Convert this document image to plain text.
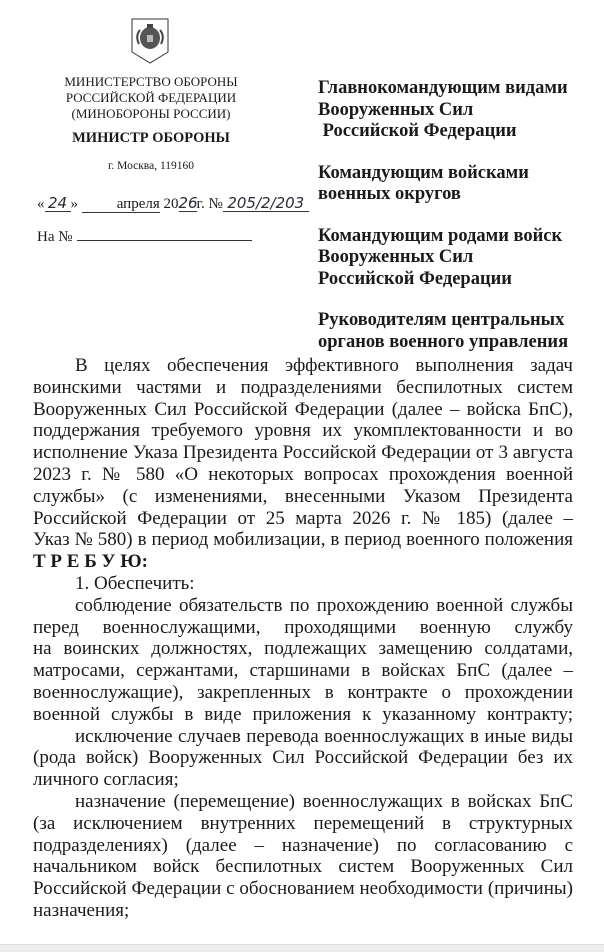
МИНИСТЕРСТВО ОБОРОНЫ
РОССИЙСКОЙ ФЕДЕРАЦИИ
(МИНОБОРОНЫ РОССИИ)
МИНИСТР ОБОРОНЫ
г. Москва, 119160
« 24 »	апреля 2026г. № 205/2/203
На №
Главнокомандующим видами
Вооруженных Сил
Российской Федерации
Командующим войсками
военных округов
Командующим родами войск
Вооруженных Сил
Российской Федерации
Руководителям центральных
органов военного управления
В целях обеспечения эффективного выполнения задач
воинскими частями и подразделениями беспилотных систем
Вооруженных Сил Российской Федерации (далее – войска БпС),
поддержания требуемого уровня их укомплектованности и во
исполнение Указа Президента Российской Федерации от 3 августа
2023 г. № 580 «О некоторых вопросах прохождения военной
службы» (с изменениями, внесенными Указом Президента
Российской Федерации от 25 марта 2026 г. № 185) (далее –
Указ № 580) в период мобилизации, в период военного положения
Т Р Е Б У Ю:
1. Обеспечить:
соблюдение обязательств по прохождению военной службы
перед военнослужащими, проходящими военную службу
на воинских должностях, подлежащих замещению солдатами,
матросами, сержантами, старшинами в войсках БпС (далее –
военнослужащие), закрепленных в контракте о прохождении
военной службы в виде приложения к указанному контракту;
исключение случаев перевода военнослужащих в иные виды
(рода войск) Вооруженных Сил Российской Федерации без их
личного согласия;
назначение (перемещение) военнослужащих в войсках БпС
(за исключением внутренних перемещений в структурных
подразделениях) (далее – назначение) по согласованию с
начальником войск беспилотных систем Вооруженных Сил
Российской Федерации с обоснованием необходимости (причины)
назначения;
